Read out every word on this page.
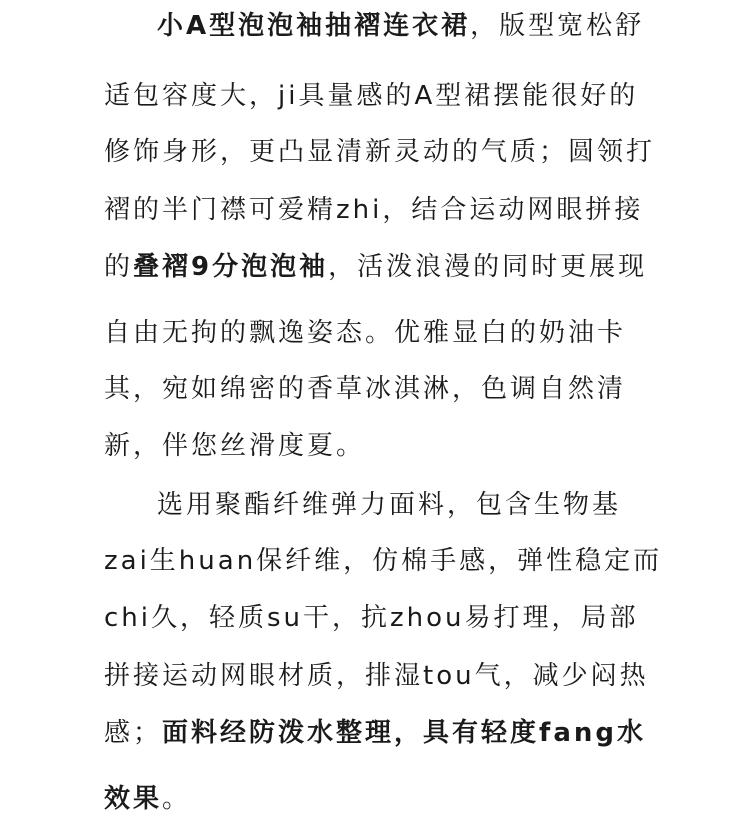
小A型泡泡袖抽褶连衣裙，版型宽松舒
适包容度大，ji具量感的A型裙摆能很好的
修饰身形，更凸显清新灵动的气质；圆领打
褶的半门襟可爱精zhi，结合运动网眼拼接
的叠褶9分泡泡袖，活泼浪漫的同时更展现
自由无拘的飘逸姿态。优雅显白的奶油卡
其，宛如绵密的香草冰淇淋，色调自然清
新，伴您丝滑度夏。
选用聚酯纤维弹力面料，包含生物基
zai生huan保纤维，仿棉手感，弹性稳定而
chi久，轻质su干，抗zhou易打理，局部
拼接运动网眼材质，排湿tou气，减少闷热
感；面料经防泼水整理，具有轻度fang水
效果。
